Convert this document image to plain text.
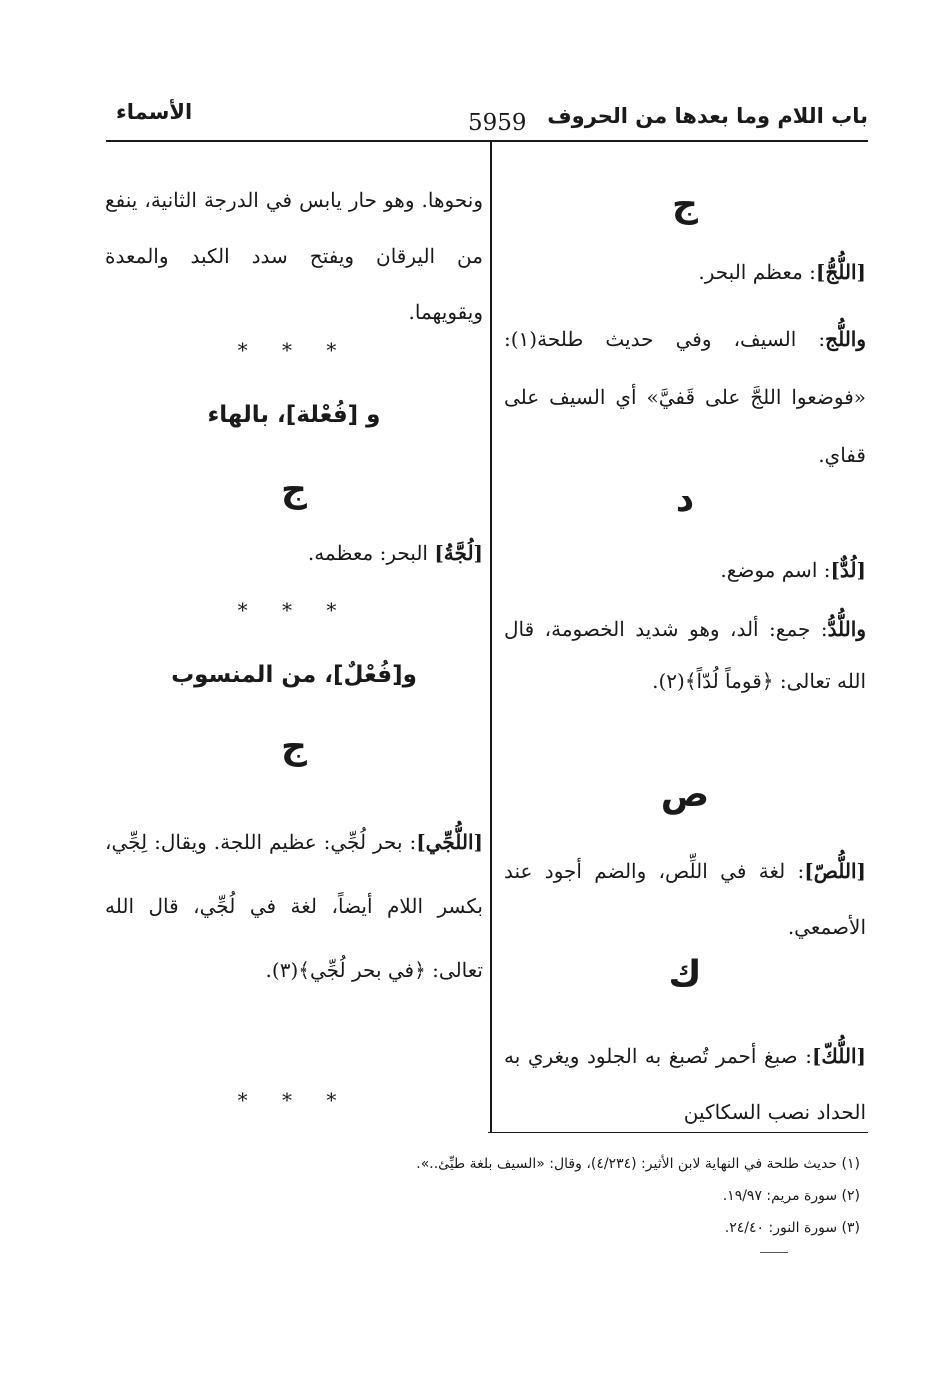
باب اللام وما بعدها من الحروف
5959
الأسماء
ج
[اللُّجُّ]: معظم البحر.
واللُّج: السيف، وفي حديث طلحة(١): «فوضعوا اللجَّ على قَفيَّ» أي السيف على قفاي.
د
[لُدٌّ]: اسم موضع.
واللُّدُّ: جمع: ألد، وهو شديد الخصومة، قال الله تعالى: ﴿قوماً لُدّاً﴾(٢).
ص
[اللُّصّ]: لغة في اللِّص، والضم أجود عند الأصمعي.
ك
[اللُّكّ]: صبغ أحمر تُصبغ به الجلود ويغري به الحداد نصب السكاكين
ونحوها. وهو حار يابس في الدرجة الثانية، ينفع من اليرقان ويفتح سدد الكبد والمعدة ويقويهما.
* * *
و [فُعْلة]، بالهاء
ج
[لُجَّةُ] البحر: معظمه.
* * *
و[فُعْلٌ]، من المنسوب
ج
[اللُّجِّي]: بحر لُجِّي: عظيم اللجة. ويقال: لِجِّي، بكسر اللام أيضاً، لغة في لُجِّي، قال الله تعالى: ﴿في بحر لُجِّي﴾(٣).
* * *
(١) حديث طلحة في النهاية لابن الأثير: (٤/٢٣٤)، وقال: «السيف بلغة طيِّئ..».
(٢) سورة مريم: ١٩/٩٧.
(٣) سورة النور: ٢٤/٤٠.
